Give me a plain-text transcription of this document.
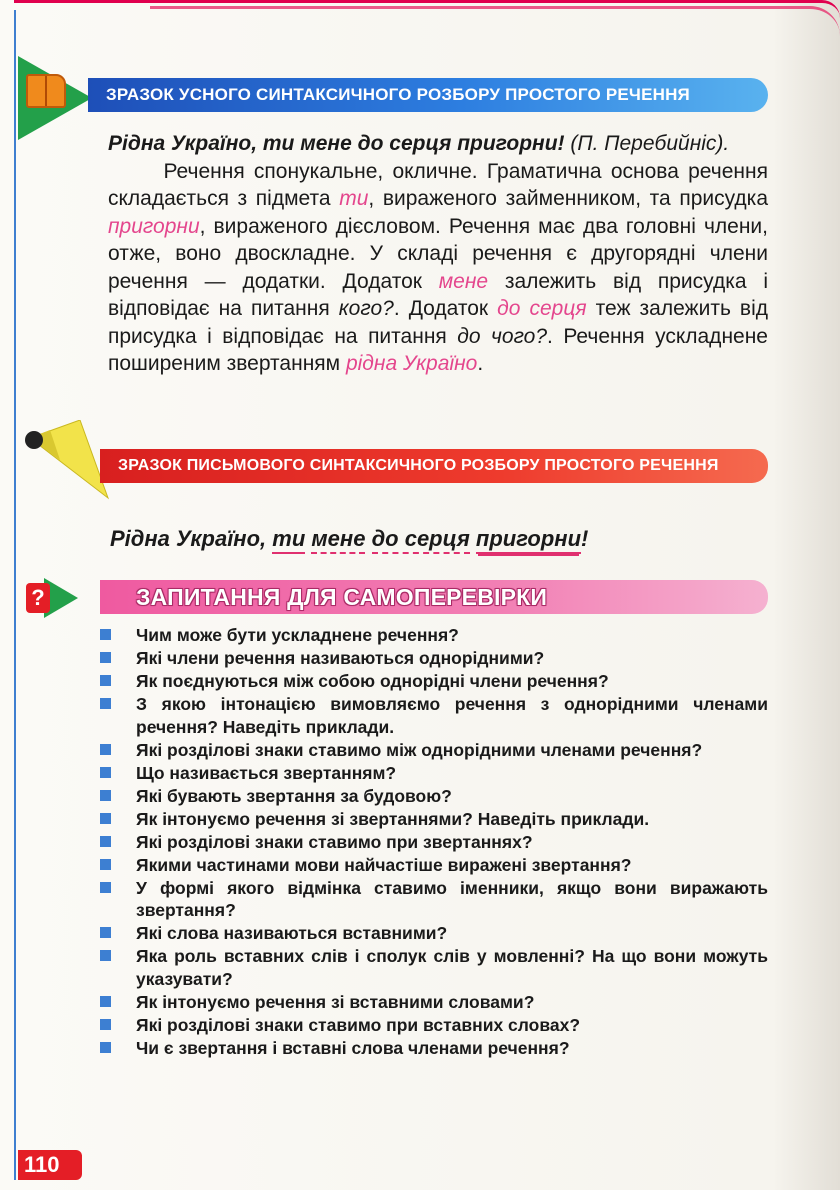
ЗРАЗОК УСНОГО СИНТАКСИЧНОГО РОЗБОРУ ПРОСТОГО РЕЧЕННЯ
Рідна Україно, ти мене до серця пригорни! (П. Перебийніс).
Речення спонукальне, окличне. Граматична основа речення складається з підмета ти, вираженого займенником, та присудка пригорни, вираженого дієсловом. Речення має два головні члени, отже, воно двоскладне. У складі речення є другорядні члени речення — додатки. Додаток мене залежить від присудка і відповідає на питання кого?. Додаток до серця теж залежить від присудка і відповідає на питання до чого?. Речення ускладнене поширеним звертанням рідна Україно.
ЗРАЗОК ПИСЬМОВОГО СИНТАКСИЧНОГО РОЗБОРУ ПРОСТОГО РЕЧЕННЯ
Рідна Україно, ти мене до серця пригорни!
?	ЗАПИТАННЯ ДЛЯ САМОПЕРЕВІРКИ
Чим може бути ускладнене речення?
Які члени речення називаються однорідними?
Як поєднуються між собою однорідні члени речення?
З якою інтонацією вимовляємо речення з однорідними членами речення? Наведіть приклади.
Які розділові знаки ставимо між однорідними членами речення?
Що називається звертанням?
Які бувають звертання за будовою?
Як інтонуємо речення зі звертаннями? Наведіть приклади.
Які розділові знаки ставимо при звертаннях?
Якими частинами мови найчастіше виражені звертання?
У формі якого відмінка ставимо іменники, якщо вони виражають звертання?
Які слова називаються вставними?
Яка роль вставних слів і сполук слів у мовленні? На що вони можуть указувати?
Як інтонуємо речення зі вставними словами?
Які розділові знаки ставимо при вставних словах?
Чи є звертання і вставні слова членами речення?
110
